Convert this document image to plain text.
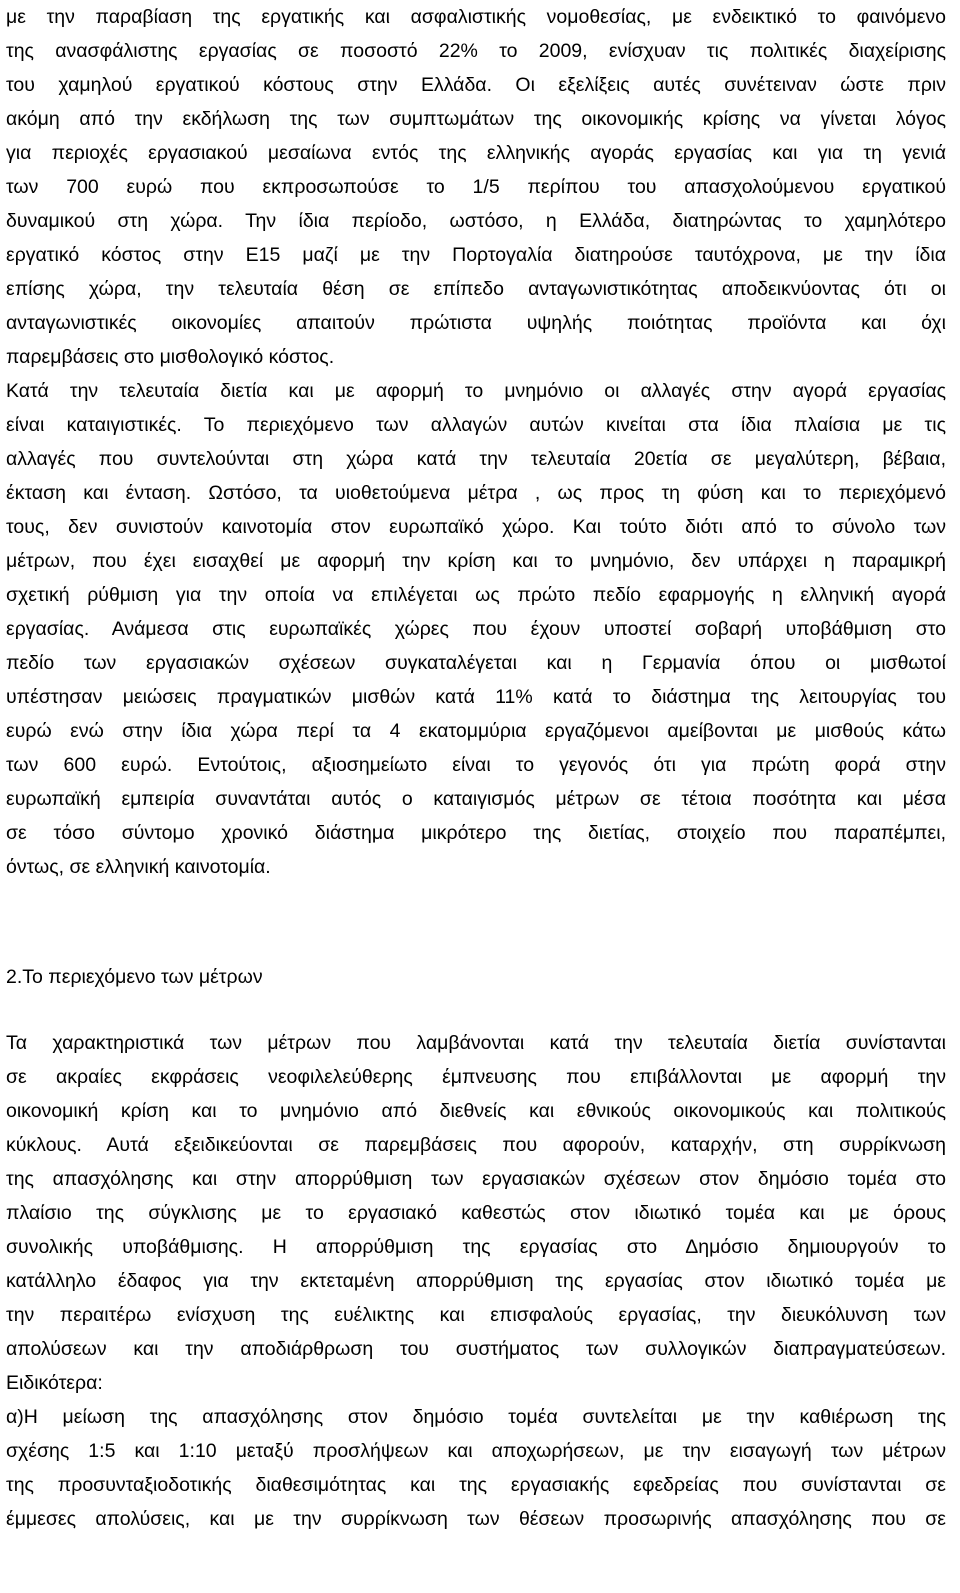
με την παραβίαση της εργατικής και ασφαλιστικής νομοθεσίας, με ενδεικτικό το φαινόμενο
της ανασφάλιστης εργασίας σε ποσοστό 22% το 2009, ενίσχυαν τις πολιτικές διαχείρισης
του χαμηλού εργατικού κόστους στην Ελλάδα. Οι εξελίξεις αυτές συνέτειναν ώστε πριν
ακόμη από την εκδήλωση της των συμπτωμάτων της οικονομικής κρίσης να γίνεται λόγος
για περιοχές εργασιακού μεσαίωνα εντός της ελληνικής αγοράς εργασίας και για τη γενιά
των 700 ευρώ που εκπροσωπούσε το 1/5 περίπου του απασχολούμενου εργατικού
δυναμικού στη χώρα. Την ίδια περίοδο, ωστόσο, η Ελλάδα, διατηρώντας το χαμηλότερο
εργατικό κόστος στην Ε15 μαζί με την Πορτογαλία διατηρούσε ταυτόχρονα, με την ίδια
επίσης χώρα, την τελευταία θέση σε επίπεδο ανταγωνιστικότητας αποδεικνύοντας ότι οι
ανταγωνιστικές οικονομίες απαιτούν πρώτιστα υψηλής ποιότητας προϊόντα και όχι
παρεμβάσεις στο μισθολογικό κόστος.
Κατά την τελευταία διετία και με αφορμή το μνημόνιο οι αλλαγές στην αγορά εργασίας
είναι καταιγιστικές. Το περιεχόμενο των αλλαγών αυτών κινείται στα ίδια πλαίσια με τις
αλλαγές που συντελούνται στη χώρα κατά την τελευταία 20ετία σε μεγαλύτερη, βέβαια,
έκταση και ένταση. Ωστόσο, τα υιοθετούμενα μέτρα , ως προς τη φύση και το περιεχόμενό
τους, δεν συνιστούν καινοτομία στον ευρωπαϊκό χώρο. Και τούτο διότι από το σύνολο των
μέτρων, που έχει εισαχθεί με αφορμή την κρίση και το μνημόνιο, δεν υπάρχει η παραμικρή
σχετική ρύθμιση για την οποία να επιλέγεται ως πρώτο πεδίο εφαρμογής η ελληνική αγορά
εργασίας. Ανάμεσα στις ευρωπαϊκές χώρες που έχουν υποστεί σοβαρή υποβάθμιση στο
πεδίο των εργασιακών σχέσεων συγκαταλέγεται και η Γερμανία όπου οι μισθωτοί
υπέστησαν μειώσεις πραγματικών μισθών κατά 11% κατά το διάστημα της λειτουργίας του
ευρώ ενώ στην ίδια χώρα περί τα 4 εκατομμύρια εργαζόμενοι αμείβονται με μισθούς κάτω
των 600 ευρώ. Εντούτοις, αξιοσημείωτο είναι το γεγονός ότι για πρώτη φορά στην
ευρωπαϊκή εμπειρία συναντάται αυτός ο καταιγισμός μέτρων σε τέτοια ποσότητα και μέσα
σε τόσο σύντομο χρονικό διάστημα μικρότερο της διετίας, στοιχείο που παραπέμπει,
όντως, σε ελληνική καινοτομία.
2.Το περιεχόμενο των μέτρων
Τα χαρακτηριστικά των μέτρων που λαμβάνονται κατά την τελευταία διετία συνίστανται
σε ακραίες εκφράσεις νεοφιλελεύθερης έμπνευσης που επιβάλλονται με αφορμή την
οικονομική κρίση και το μνημόνιο από διεθνείς και εθνικούς οικονομικούς και πολιτικούς
κύκλους. Αυτά εξειδικεύονται σε παρεμβάσεις που αφορούν, καταρχήν, στη συρρίκνωση
της απασχόλησης και στην απορρύθμιση των εργασιακών σχέσεων στον δημόσιο τομέα στο
πλαίσιο της σύγκλισης με το εργασιακό καθεστώς στον ιδιωτικό τομέα και με όρους
συνολικής υποβάθμισης. Η απορρύθμιση της εργασίας στο Δημόσιο δημιουργούν το
κατάλληλο έδαφος για την εκτεταμένη απορρύθμιση της εργασίας στον ιδιωτικό τομέα με
την περαιτέρω ενίσχυση της ευέλικτης και επισφαλούς εργασίας, την διευκόλυνση των
απολύσεων και την αποδιάρθρωση του συστήματος των συλλογικών διαπραγματεύσεων.
Ειδικότερα:
α)Η μείωση της απασχόλησης στον δημόσιο τομέα συντελείται με την καθιέρωση της
σχέσης 1:5 και 1:10 μεταξύ προσλήψεων και αποχωρήσεων, με την εισαγωγή των μέτρων
της προσυνταξιοδοτικής διαθεσιμότητας και της εργασιακής εφεδρείας που συνίστανται σε
έμμεσες απολύσεις, και με την συρρίκνωση των θέσεων προσωρινής απασχόλησης που σε
